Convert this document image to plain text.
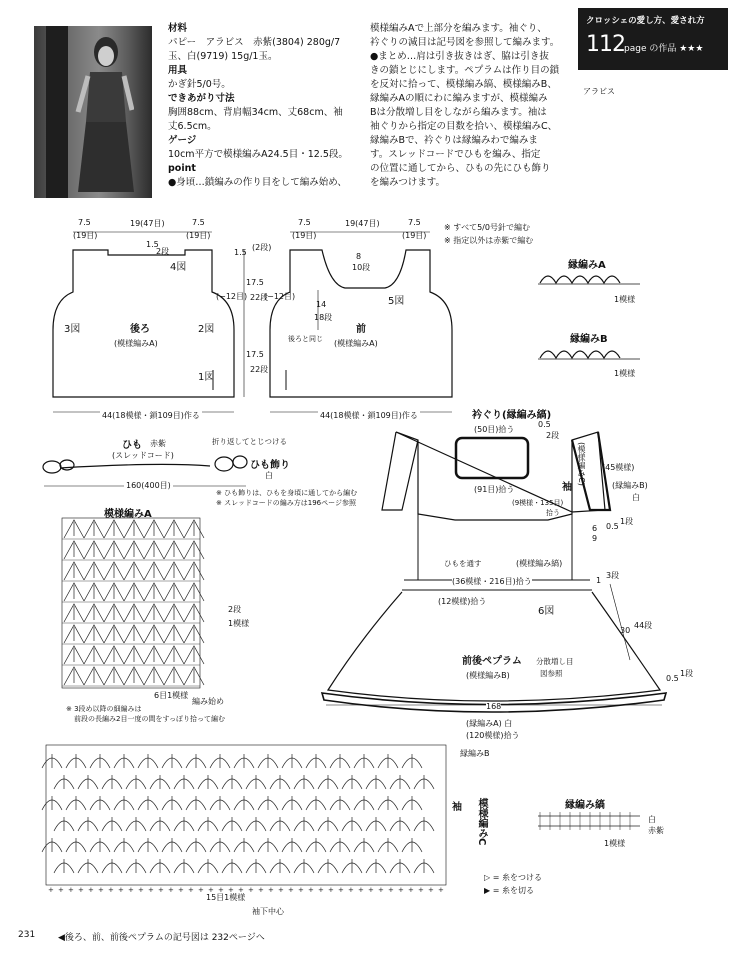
材料
パピー　アラビス　赤紫(3804) 280g/7
玉、白(9719) 15g/1玉。
用具
かぎ針5/0号。
できあがり寸法
胸囲88cm、背肩幅34cm、丈68cm、袖
丈6.5cm。
ゲージ
10cm平方で模様編みA24.5目・12.5段。
point
●身頃…鎖編みの作り目をして編み始め、
模様編みAで上部分を編みます。袖ぐり、
衿ぐりの減目は記号図を参照して編みます。
●まとめ…肩は引き抜きはぎ、脇は引き抜
きの鎖とじにします。ペプラムは作り目の鎖
を反対に拾って、模様編み縞、模様編みB、
縁編みAの順にわに編みますが、模様編み
Bは分散増し目をしながら編みます。袖は
袖ぐりから指定の目数を拾い、模様編みC、
縁編みBで、衿ぐりは縁編みわで編みま
す。スレッドコードでひもを編み、指定
の位置に通してから、ひもの先にひも飾り
を編みつけます。
クロッシェの愛し方、愛され方
112 page の作品 ★★★
アラビス
※ すべて5/0号針で編む
※ 指定以外は赤紫で編む
+ + + + + + + + + + + + + + + + + + + + + + + + + + + + + + + + + + + + + + + +
7.5	19(47目)	7.5
(19目)	(19目)
1.5
2段
4図
3図	2図
1図
後ろ
(模様編みA)
(−12目)
1.5
(2段)
17.5
22段
17.5
22段
44(18模様・鎖109目)作る
7.5	19(47目)	7.5
(19目)	(19目)
8
10段
14
18段
(−12目)	5図
前
(模様編みA)
後ろと同じ
44(18模様・鎖109目)作る
ひも 赤紫
(スレッドコード)
折り返してとじつける
ひも飾り
白
160(400目)
※ ひも飾りは、ひもを身頃に通してから編む
※ スレッドコードの編み方は196ページ参照
縁編みA
1模様
縁編みB
1模様
縁編み縞
白
赤紫
1模様
衿ぐり(縁編み縞)
(50目)拾う
0.5
2段
(91目)拾う	袖
(模様編みC) (45模様)
(縁編みB)
白
(9模様・135目)
拾う
6
9
0.5
1段
ひもを通す	(模様編み縞)
(36模様・216目)拾う	1
3段
(12模様)拾う
6図
前後ペプラム
(模様編みB)
分散増し目
図参照
30
44段
0.5
1段
168
(縁編みA) 白
(120模様)拾う
模様編みA
2段
1模様
6目1模様
編み始め
※ 3段め以降の細編みは
前段の長編み2目一度の間をすっぽり拾って編む
縁編みB
模様編みC
袖
15目1模様
袖下中心
▷ = 糸をつける
▶ = 糸を切る
231	◀後ろ、前、前後ペプラムの記号図は 232ページへ
